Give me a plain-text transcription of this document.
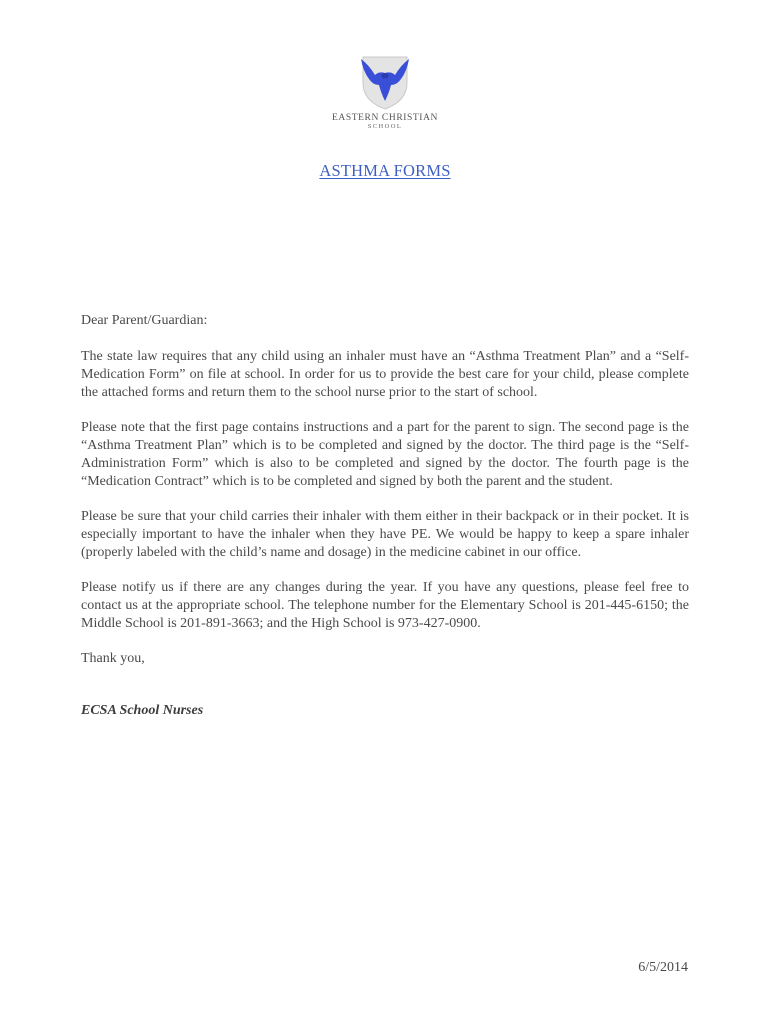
EASTERN CHRISTIAN
SCHOOL
ASTHMA FORMS

Dear Parent/Guardian:

The state law requires that any child using an inhaler must have an “Asthma Treatment Plan” and a “Self-Medication Form” on file at school. In order for us to provide the best care for your child, please complete the attached forms and return them to the school nurse prior to the start of school.

Please note that the first page contains instructions and a part for the parent to sign. The second page is the “Asthma Treatment Plan” which is to be completed and signed by the doctor. The third page is the “Self-Administration Form” which is also to be completed and signed by the doctor. The fourth page is the “Medication Contract” which is to be completed and signed by both the parent and the student.

Please be sure that your child carries their inhaler with them either in their backpack or in their pocket. It is especially important to have the inhaler when they have PE. We would be happy to keep a spare inhaler (properly labeled with the child’s name and dosage) in the medicine cabinet in our office.

Please notify us if there are any changes during the year. If you have any questions, please feel free to contact us at the appropriate school. The telephone number for the Elementary School is 201-445-6150; the Middle School is 201-891-3663; and the High School is 973-427-0900.

Thank you,

ECSA School Nurses

6/5/2014
